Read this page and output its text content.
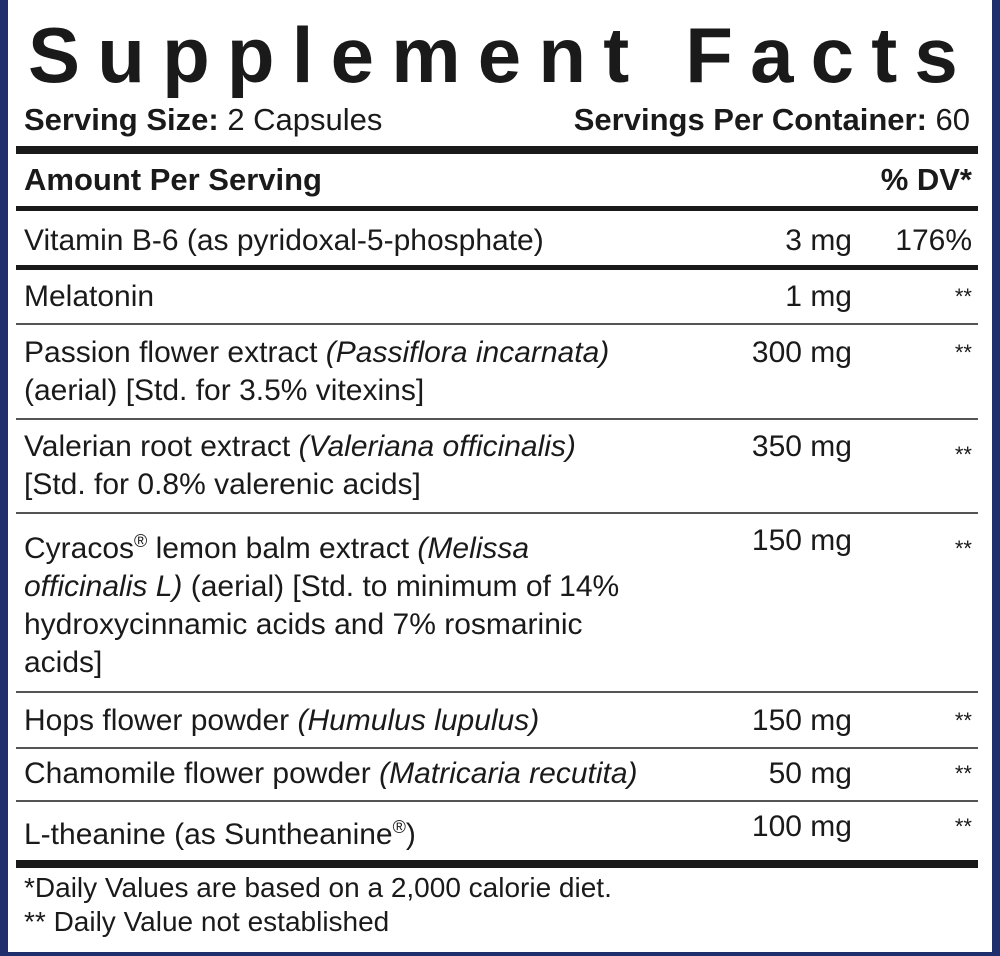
Supplement Facts
Serving Size: 2 Capsules	Servings Per Container: 60
Amount Per Serving	% DV*
Vitamin B-6 (as pyridoxal-5-phosphate)	3 mg 176%
Melatonin	1 mg	**
Passion flower extract (Passiflora incarnata)
(aerial) [Std. for 3.5% vitexins]
300 mg	**
Valerian root extract (Valeriana officinalis)
[Std. for 0.8% valerenic acids]
350 mg	**
Cyracos® lemon balm extract (Melissa officinalis L) (aerial) [Std. to minimum of 14% hydroxycinnamic acids and 7% rosmarinic acids]
150 mg	**
Hops flower powder (Humulus lupulus)	150 mg	**
Chamomile flower powder (Matricaria recutita)	50 mg	**
L-theanine (as Suntheanine®)	100 mg	**
*Daily Values are based on a 2,000 calorie diet.
** Daily Value not established
